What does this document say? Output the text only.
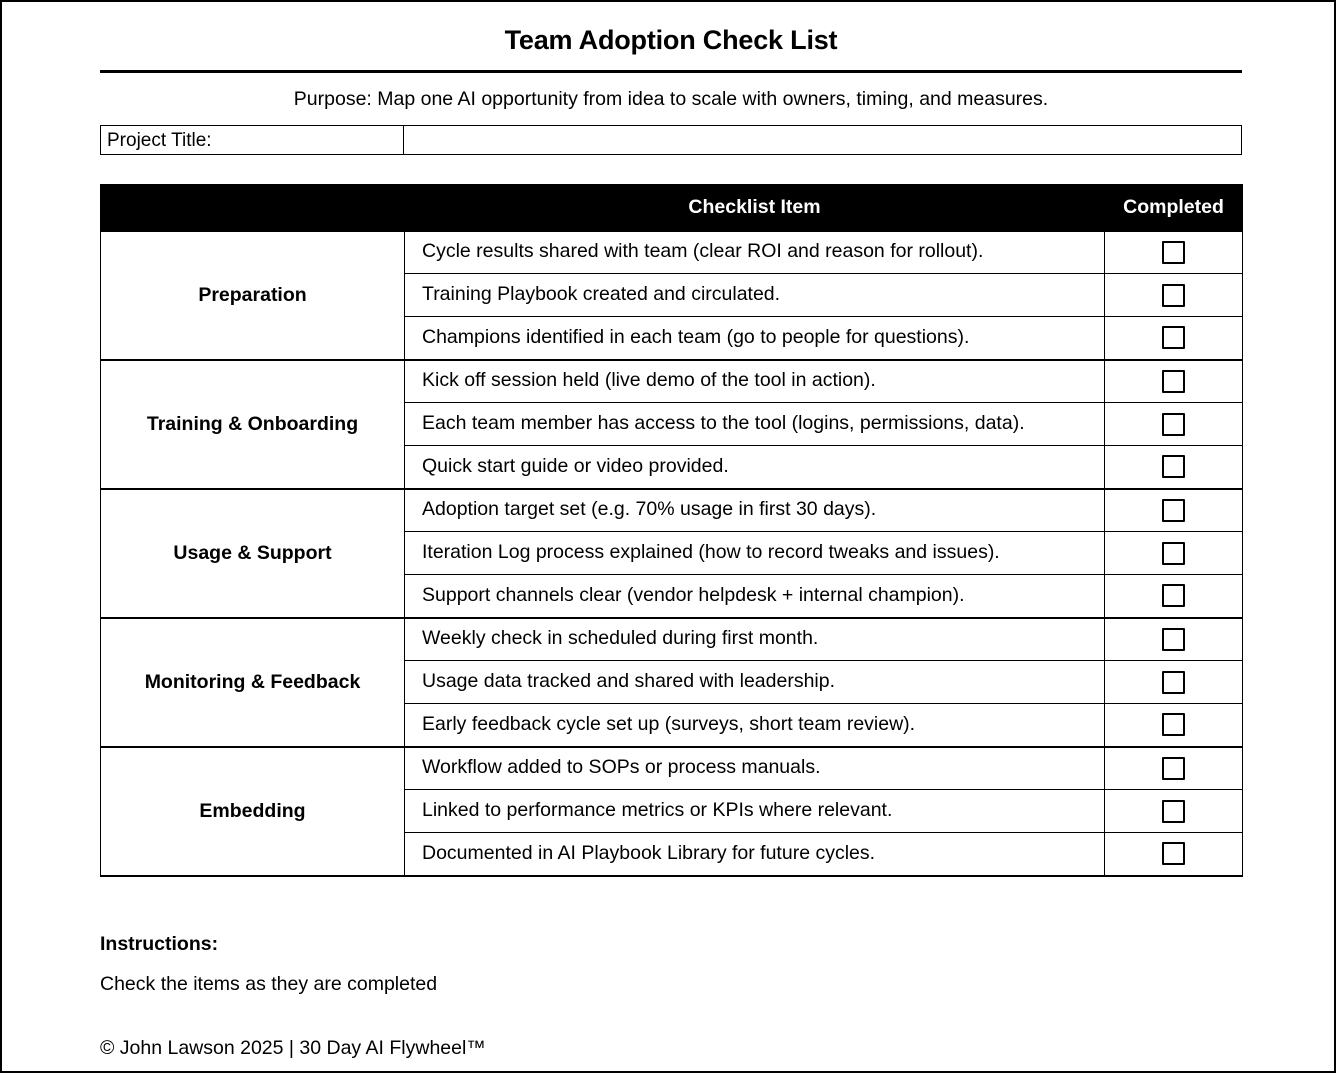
Team Adoption Check List

Purpose: Map one AI opportunity from idea to scale with owners, timing, and measures.

Project Title:
	Checklist Item	Completed
Preparation	Cycle results shared with team (clear ROI and reason for rollout).	
	Training Playbook created and circulated.	
	Champions identified in each team (go to people for questions).	
Training & Onboarding	Kick off session held (live demo of the tool in action).	
	Each team member has access to the tool (logins, permissions, data).	
	Quick start guide or video provided.	
Usage & Support	Adoption target set (e.g. 70% usage in first 30 days).	
	Iteration Log process explained (how to record tweaks and issues).	
	Support channels clear (vendor helpdesk + internal champion).	
Monitoring & Feedback	Weekly check in scheduled during first month.	
	Usage data tracked and shared with leadership.	
	Early feedback cycle set up (surveys, short team review).	
Embedding	Workflow added to SOPs or process manuals.	
	Linked to performance metrics or KPIs where relevant.	
	Documented in AI Playbook Library for future cycles.	

Instructions:

Check the items as they are completed

© John Lawson 2025 | 30 Day AI Flywheel™
